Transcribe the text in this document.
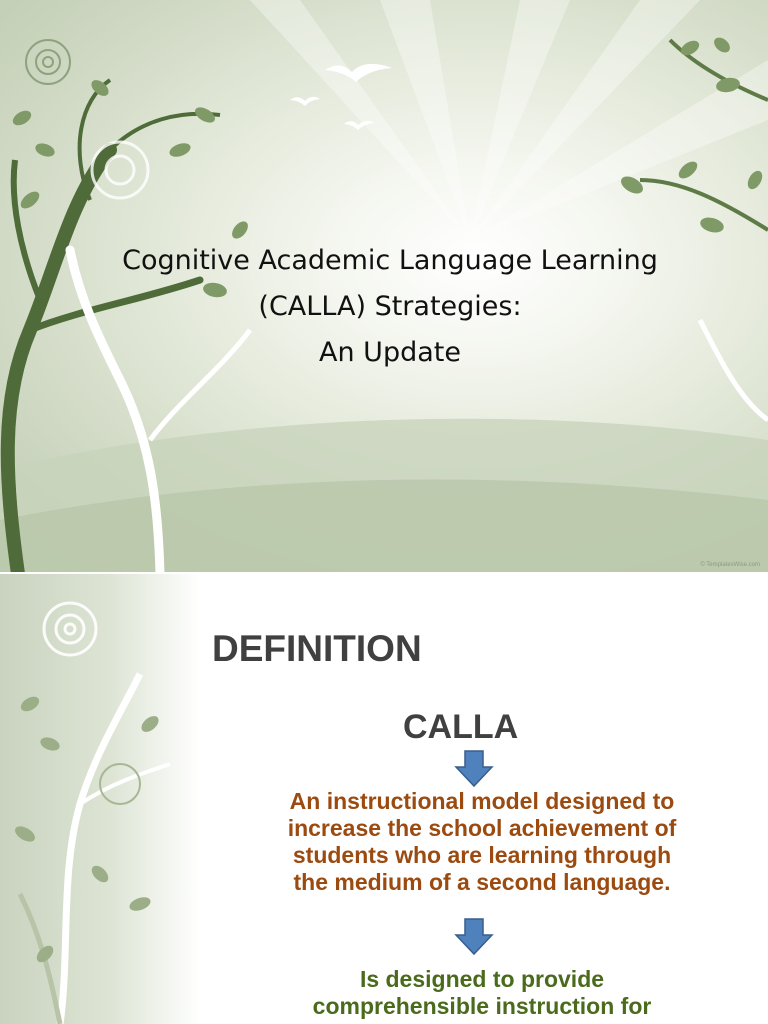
Cognitive Academic Language Learning
(CALLA) Strategies:
An Update
© TemplatesWise.com
DEFINITION
CALLA
An instructional model designed to
increase the school achievement of
students who are learning through
the medium of a second language.
Is designed to provide
comprehensible instruction for
